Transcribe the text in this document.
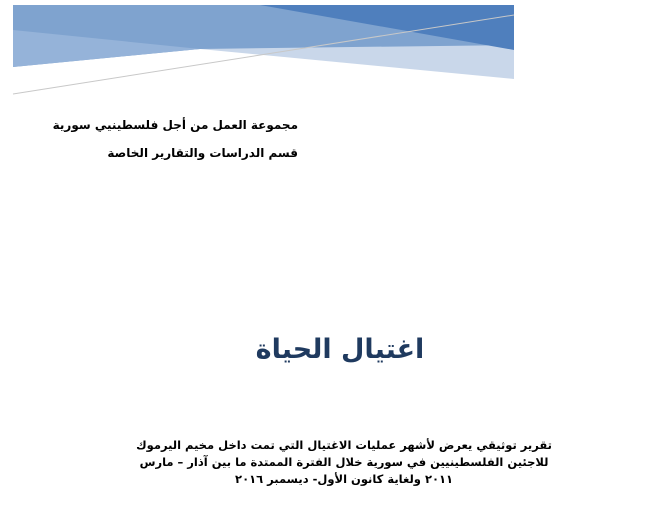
مجموعة العمل من أجل فلسطينيي سورية
قسم الدراسات والتقارير الخاصة
اغتيال الحياة
تقرير توثيقي يعرض لأشهر عمليات الاغتيال التي تمت داخل مخيم اليرموك
للاجئين الفلسطينيين في سورية خلال الفترة الممتدة ما بين آذار – مارس
٢٠١١ ولغاية كانون الأول- ديسمبر ٢٠١٦
